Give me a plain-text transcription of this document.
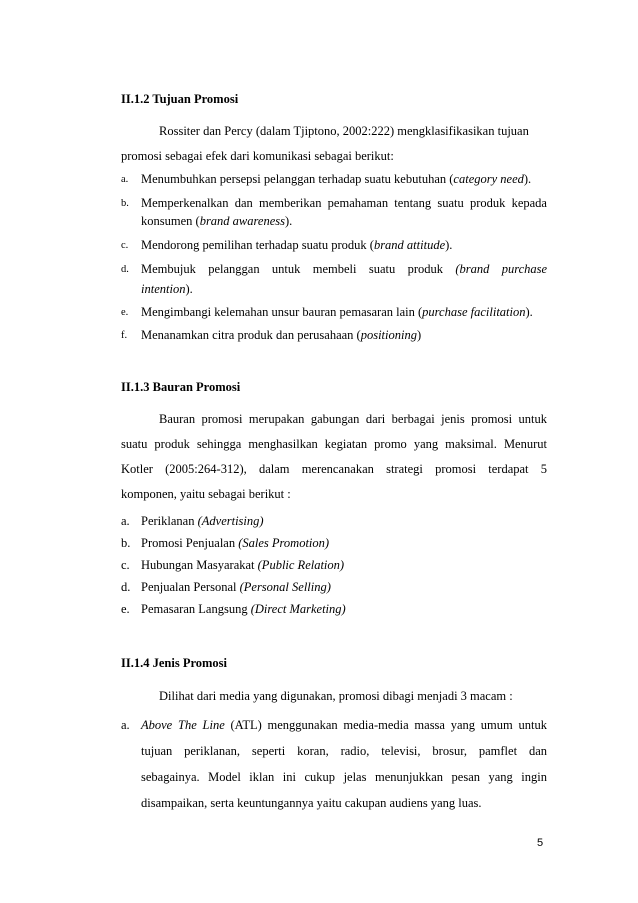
II.1.2 Tujuan Promosi
Rossiter dan Percy (dalam Tjiptono, 2002:222) mengklasifikasikan tujuan
promosi sebagai efek dari komunikasi sebagai berikut:
a. Menumbuhkan persepsi pelanggan terhadap suatu kebutuhan (category need).
b. Memperkenalkan dan memberikan pemahaman tentang suatu produk kepada
konsumen (brand awareness).
c. Mendorong pemilihan terhadap suatu produk (brand attitude).
d. Membujuk pelanggan untuk membeli suatu produk (brand purchase
intention).
e. Mengimbangi kelemahan unsur bauran pemasaran lain (purchase facilitation).
f. Menanamkan citra produk dan perusahaan (positioning)
II.1.3 Bauran Promosi
Bauran promosi merupakan gabungan dari berbagai jenis promosi untuk
suatu produk sehingga menghasilkan kegiatan promo yang maksimal. Menurut
Kotler (2005:264-312), dalam merencanakan strategi promosi terdapat 5
komponen, yaitu sebagai berikut :
a. Periklanan (Advertising)
b. Promosi Penjualan (Sales Promotion)
c. Hubungan Masyarakat (Public Relation)
d. Penjualan Personal (Personal Selling)
e. Pemasaran Langsung (Direct Marketing)
II.1.4 Jenis Promosi
Dilihat dari media yang digunakan, promosi dibagi menjadi 3 macam :
a. Above The Line (ATL) menggunakan media-media massa yang umum untuk
tujuan periklanan, seperti koran, radio, televisi, brosur, pamflet dan
sebagainya. Model iklan ini cukup jelas menunjukkan pesan yang ingin
disampaikan, serta keuntungannya yaitu cakupan audiens yang luas.
5
